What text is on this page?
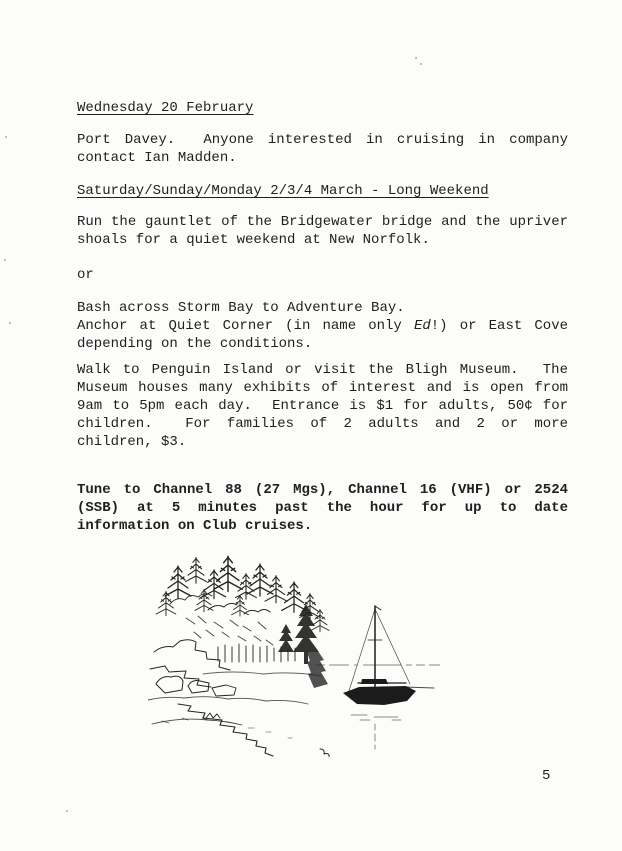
Wednesday 20 February
Port Davey.  Anyone interested in cruising in company contact Ian Madden.
Saturday/Sunday/Monday 2/3/4 March - Long Weekend
Run the gauntlet of the Bridgewater bridge and the upriver shoals for a quiet weekend at New Norfolk.
or
Bash across Storm Bay to Adventure Bay.
Anchor at Quiet Corner (in name only Ed!) or East Cove depending on the conditions.
Walk to Penguin Island or visit the Bligh Museum.  The Museum houses many exhibits of interest and is open from 9am to 5pm each day.  Entrance is $1 for adults, 50¢ for children.  For families of 2 adults and 2 or more children, $3.
Tune to Channel 88 (27 Mgs), Channel 16 (VHF) or 2524 (SSB) at 5 minutes past the hour for up to date information on Club cruises.
5
